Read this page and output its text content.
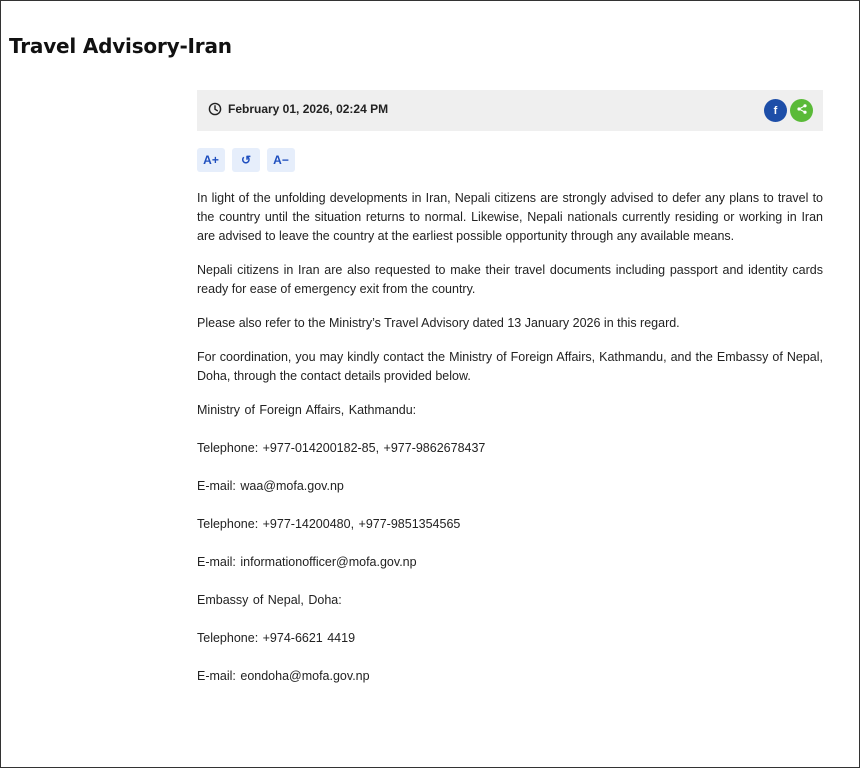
Travel Advisory-Iran
February 01, 2026, 02:24 PM	f
A+	↺	A−

In light of the unfolding developments in Iran, Nepali citizens are strongly advised to defer any plans to travel to the country until the situation returns to normal. Likewise, Nepali nationals currently residing or working in Iran are advised to leave the country at the earliest possible opportunity through any available means.

Nepali citizens in Iran are also requested to make their travel documents including passport and identity cards ready for ease of emergency exit from the country.

Please also refer to the Ministry’s Travel Advisory dated 13 January 2026 in this regard.

For coordination, you may kindly contact the Ministry of Foreign Affairs, Kathmandu, and the Embassy of Nepal, Doha, through the contact details provided below.

Ministry of Foreign Affairs, Kathmandu:
Telephone: +977-014200182-85, +977-9862678437
E-mail: waa@mofa.gov.np
Telephone: +977-14200480, +977-9851354565
E-mail: informationofficer@mofa.gov.np
Embassy of Nepal, Doha:
Telephone: +974-6621 4419
E-mail: eondoha@mofa.gov.np
